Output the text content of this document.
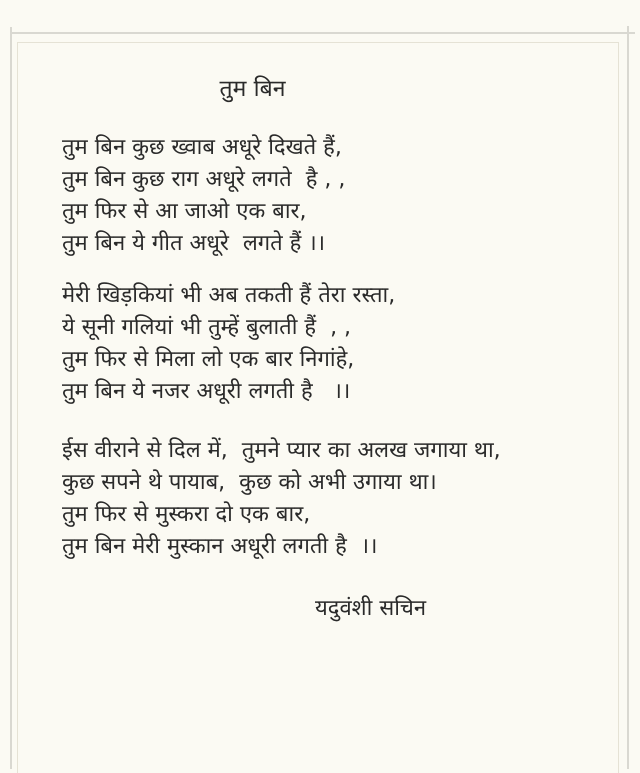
तुम बिन
तुम बिन कुछ ख्वाब अधूरे दिखते हैं,
तुम बिन कुछ राग अधूरे लगते  है , ,
तुम फिर से आ जाओ एक बार,
तुम बिन ये गीत अधूरे  लगते हैं ।।
मेरी खिड़कियां भी अब तकती हैं तेरा रस्ता,
ये सूनी गलियां भी तुम्हें बुलाती हैं  , ,
तुम फिर से मिला लो एक बार निगांहे,
तुम बिन ये नजर अधूरी लगती है   ।।
ईस वीराने से दिल में,  तुमने प्यार का अलख जगाया था,
कुछ सपने थे पायाब,  कुछ को अभी उगाया था।
तुम फिर से मुस्करा दो एक बार,
तुम बिन मेरी मुस्कान अधूरी लगती है  ।।
यदुवंशी सचिन
